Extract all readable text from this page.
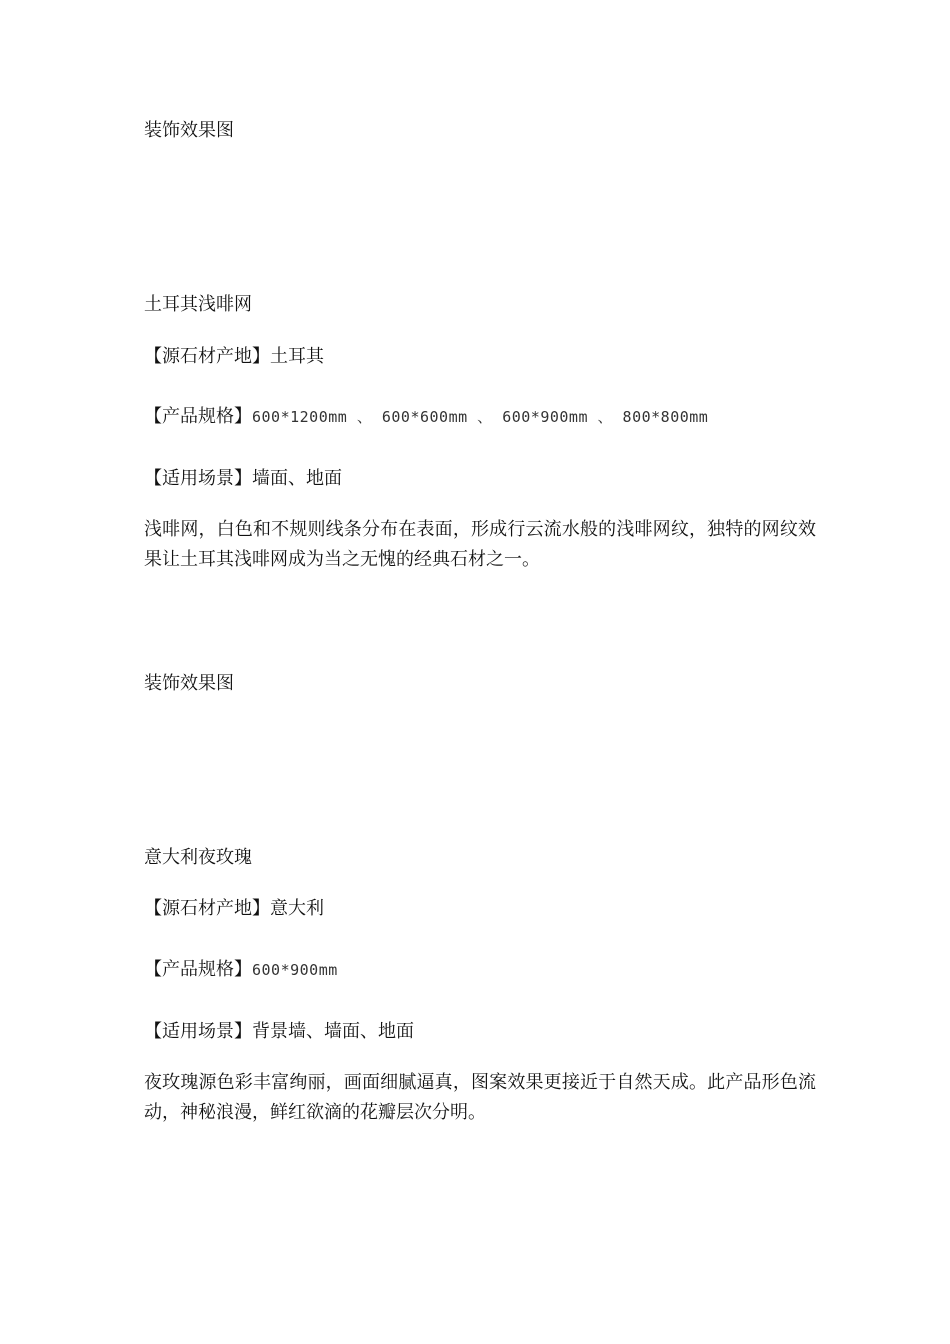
装饰效果图
土耳其浅啡网
【源石材产地】土耳其
【产品规格】600*1200mm 、 600*600mm 、 600*900mm 、 800*800mm
【适用场景】墙面、地面
浅啡网，白色和不规则线条分布在表面，形成行云流水般的浅啡网纹，独特的网纹效果让土耳其浅啡网成为当之无愧的经典石材之一。
装饰效果图
意大利夜玫瑰
【源石材产地】意大利
【产品规格】600*900mm
【适用场景】背景墙、墙面、地面
夜玫瑰源色彩丰富绚丽，画面细腻逼真，图案效果更接近于自然天成。此产品形色流动，神秘浪漫，鲜红欲滴的花瓣层次分明。
